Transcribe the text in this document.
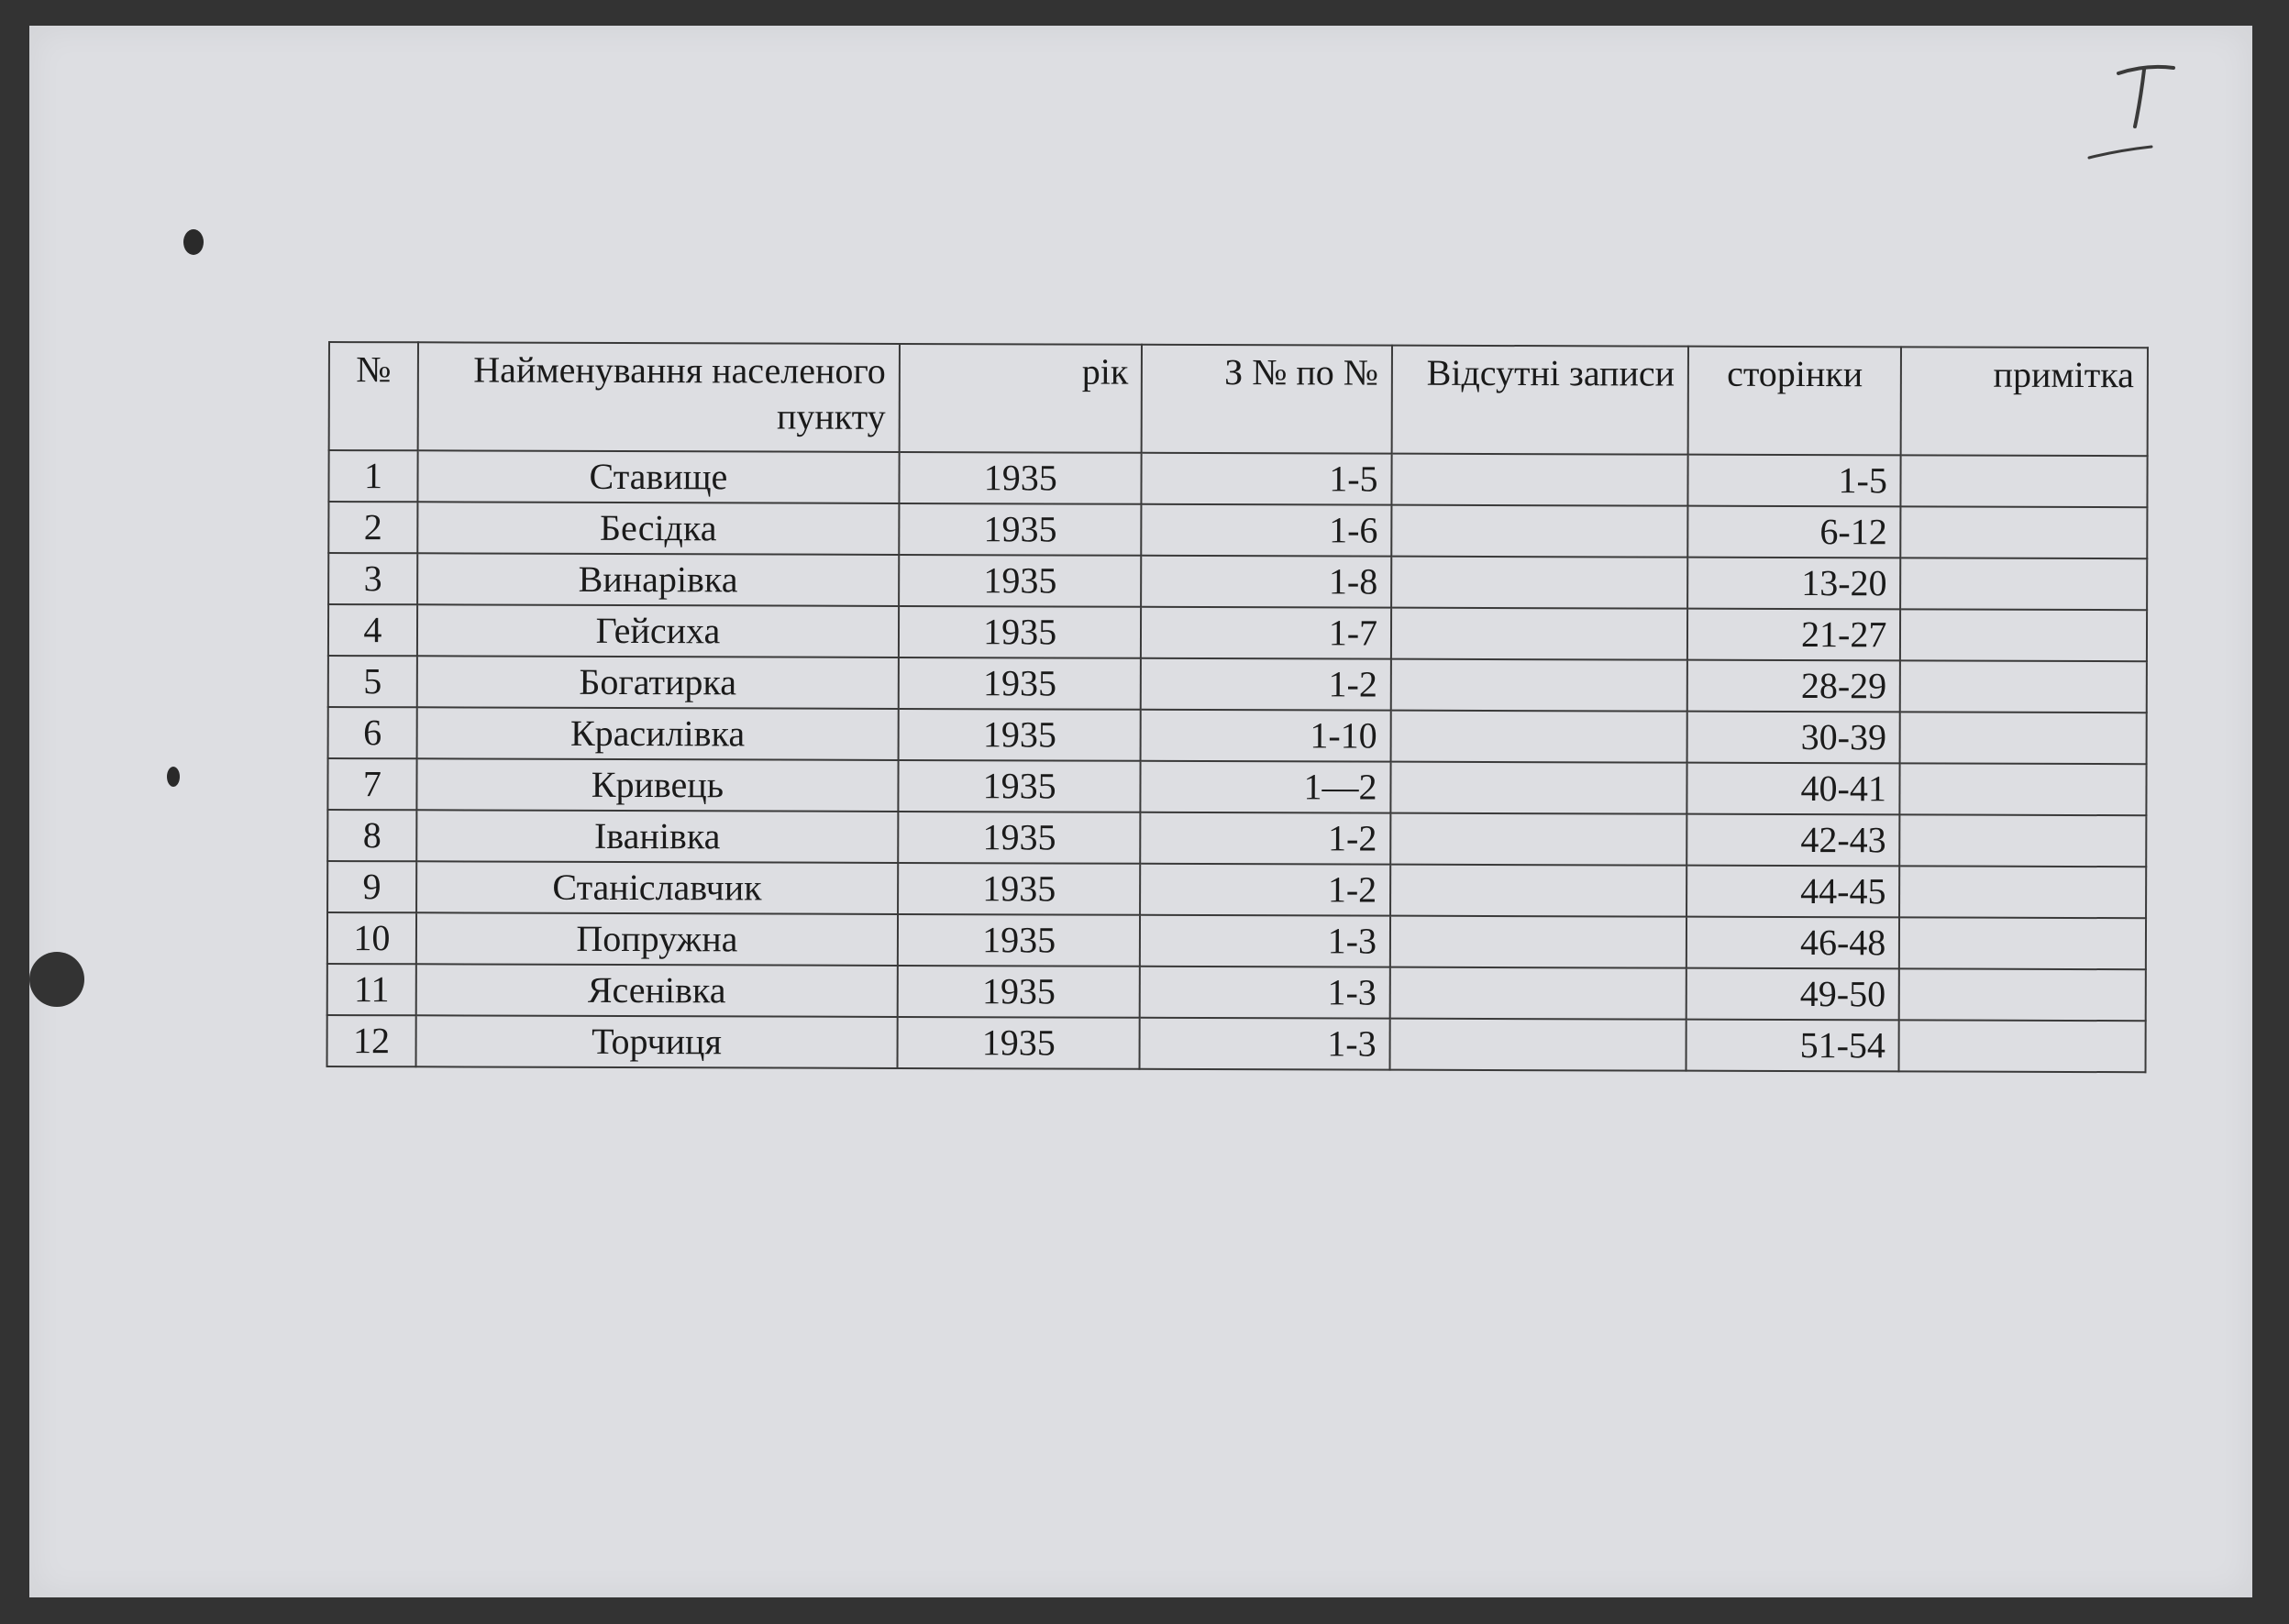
№	Найменування населеного пункту	рік	З № по №	Відсутні записи	сторінки	примітка
1	Ставище	1935	1-5		1-5	
2	Бесідка	1935	1-6		6-12	
3	Винарівка	1935	1-8		13-20	
4	Гейсиха	1935	1-7		21-27	
5	Богатирка	1935	1-2		28-29	
6	Красилівка	1935	1-10		30-39	
7	Кривець	1935	1—2		40-41	
8	Іванівка	1935	1-2		42-43	
9	Станіславчик	1935	1-2		44-45	
10	Попружна	1935	1-3		46-48	
11	Ясенівка	1935	1-3		49-50	
12	Торчиця	1935	1-3		51-54	
